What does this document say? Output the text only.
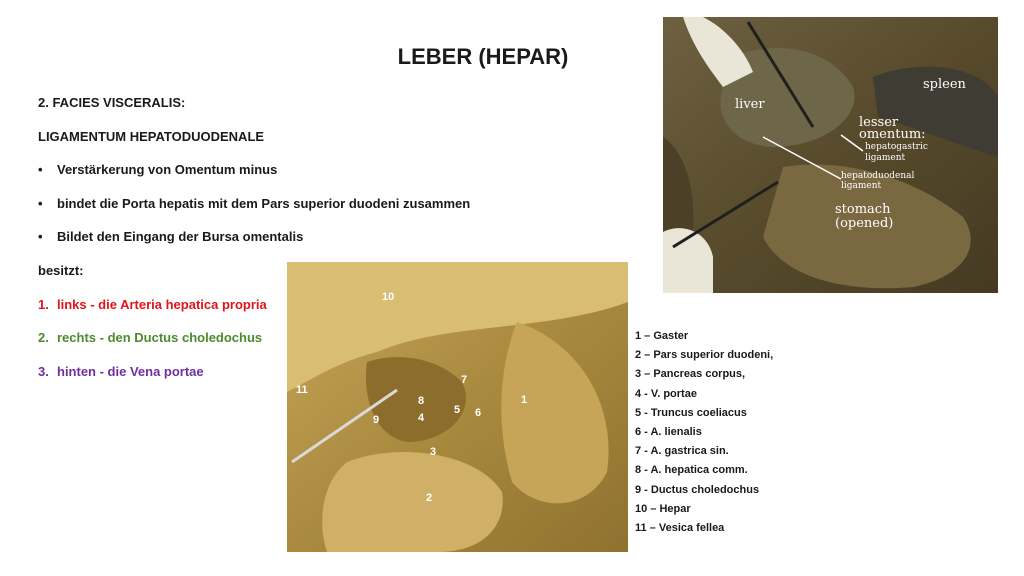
LEBER (HEPAR)
2. FACIES VISCERALIS:
LIGAMENTUM HEPATODUODENALE
•	Verstärkerung von Omentum minus
•	bindet die Porta hepatis mit dem Pars superior duodeni zusammen
•	Bildet den Eingang der Bursa omentalis
besitzt:
1. links - die Arteria hepatica propria
2. rechts - den Ductus choledochus
3. hinten - die Vena portae
liver
spleen
lesser
omentum:
hepatogastric
ligament
hepatoduodenal
ligament
stomach
(opened)
10
11
7
8
9	4
5 6
1
3
2
1 – Gaster
2 – Pars superior duodeni,
3 – Pancreas corpus,
4 - V. portae
5 - Truncus coeliacus
6 - A. lienalis
7 - A. gastrica sin.
8 - A. hepatica comm.
9 - Ductus choledochus
10 – Hepar
11 – Vesica fellea
